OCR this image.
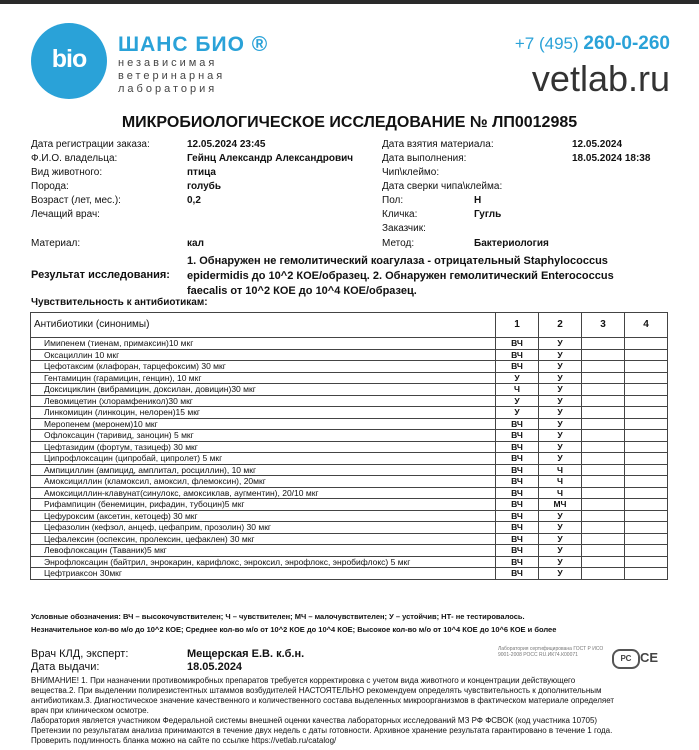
bio
ШАНС БИО ®
независимая
ветеринарная
лаборатория
+7 (495) 260-0-260
vetlab.ru
МИКРОБИОЛОГИЧЕСКОЕ ИССЛЕДОВАНИЕ № ЛП0012985
Дата регистрации заказа:	12.05.2024 23:45
Ф.И.О. владельца:	Гейнц Александр Александрович
Вид животного:	птица
Порода:	голубь
Возраст (лет, мес.):	0,2
Лечащий врач:
Дата взятия материала:	12.05.2024
Дата выполнения:	18.05.2024 18:38
Чип\клеймо:
Дата сверки чипа\клейма:
Пол:	Н
Кличка:	Гугль
Заказчик:
Материал:	кал	Метод:	Бактериология
Результат исследования:
1. Обнаружен не гемолитический коагулаза - отрицательный Staphylococcus epidermidis до 10^2 КОЕ/образец. 2. Обнаружен гемолитический Enterococcus faecalis от 10^2 КОЕ до 10^4 КОЕ/образец.
Чувствительность к антибиотикам:
Антибиотики (синонимы)	1	2	3	4
Имипенем (тиенам, примаксин)10 мкг	ВЧ	У		
Оксациллин 10 мкг	ВЧ	У		
Цефотаксим (клафоран, тарцефоксим) 30 мкг	ВЧ	У		
Гентамицин (гарамицин, генцин), 10 мкг	У	У		
Доксициклин (вибрамицин, доксилан, довицин)30 мкг	Ч	У		
Левомицетин (хлорамфеникол)30 мкг	У	У		
Линкомицин (линкоцин, нелорен)15 мкг	У	У		
Меропенем (меронем)10 мкг	ВЧ	У		
Офлоксацин (таривид, заноцин) 5 мкг	ВЧ	У		
Цефтазидим (фортум, тазицеф) 30 мкг	ВЧ	У		
Ципрофлоксацин (ципробай, ципролет) 5 мкг	ВЧ	У		
Ампициллин (ампицид, амплитал, росциллин), 10 мкг	ВЧ	Ч		
Амоксициллин (кламоксил, амоксил, флемоксин), 20мкг	ВЧ	Ч		
Амоксициллин-клавунат(синулокс, амоксиклав, аугментин), 20/10 мкг	ВЧ	Ч		
Рифампицин (бенемицин, рифадин, тубоцин)5 мкг	ВЧ	МЧ		
Цефуроксим (аксетин, кетоцеф) 30 мкг	ВЧ	У		
Цефазолин (кефзол, анцеф, цефаприм, прозолин) 30 мкг	ВЧ	У		
Цефалексин (оспексин, пролексин, цефаклен) 30 мкг	ВЧ	У		
Левофлоксацин (Таваник)5 мкг	ВЧ	У		
Энрофлоксацин (байтрил, энрокарин, карифлокс, энроксил, энрофлокс, энробифлокс) 5 мкг	ВЧ	У		
Цефтриаксон 30мкг	ВЧ	У		
Условные обозначения: ВЧ – высокочувствителен; Ч – чувствителен; МЧ – малочувствителен; У – устойчив; НТ- не тестировалось.
Незначительное кол-во м/о до 10^2 КОЕ; Среднее кол-во м/о от 10^2 КОЕ до 10^4 КОЕ; Высокое кол-во м/о от 10^4 КОЕ до 10^6 КОЕ и более
Врач КЛД, эксперт:	Мещерская Е.В. к.б.н.
Дата выдачи:	18.05.2024
Лаборатория сертифицирована ГОСТ Р ИСО 9001-2008 РОСС RU.ИК74.К00071	РС CE
ВНИМАНИЕ! 1. При назначении противомикробных препаратов требуется корректировка с учетом вида животного и концентрации действующего
вещества.2. При выделении полирезистентных штаммов возбудителей НАСТОЯТЕЛЬНО рекомендуем определять чувствительность к дополнительным
антибиотикам.3. Диагностическое значение качественного и количественного состава выделенных микроорганизмов в фактическом материале определяет
врач при клиническом осмотре.
Лаборатория является участником Федеральной системы внешней оценки качества лабораторных исследований МЗ РФ ФСВОК (код участника 10705)
Претензии по результатам анализа принимаются в течение двух недель с даты готовности. Архивное хранение результата гарантировано в течение 1 года.
Проверить подлинность бланка можно на сайте по ссылке https://vetlab.ru/catalog/
